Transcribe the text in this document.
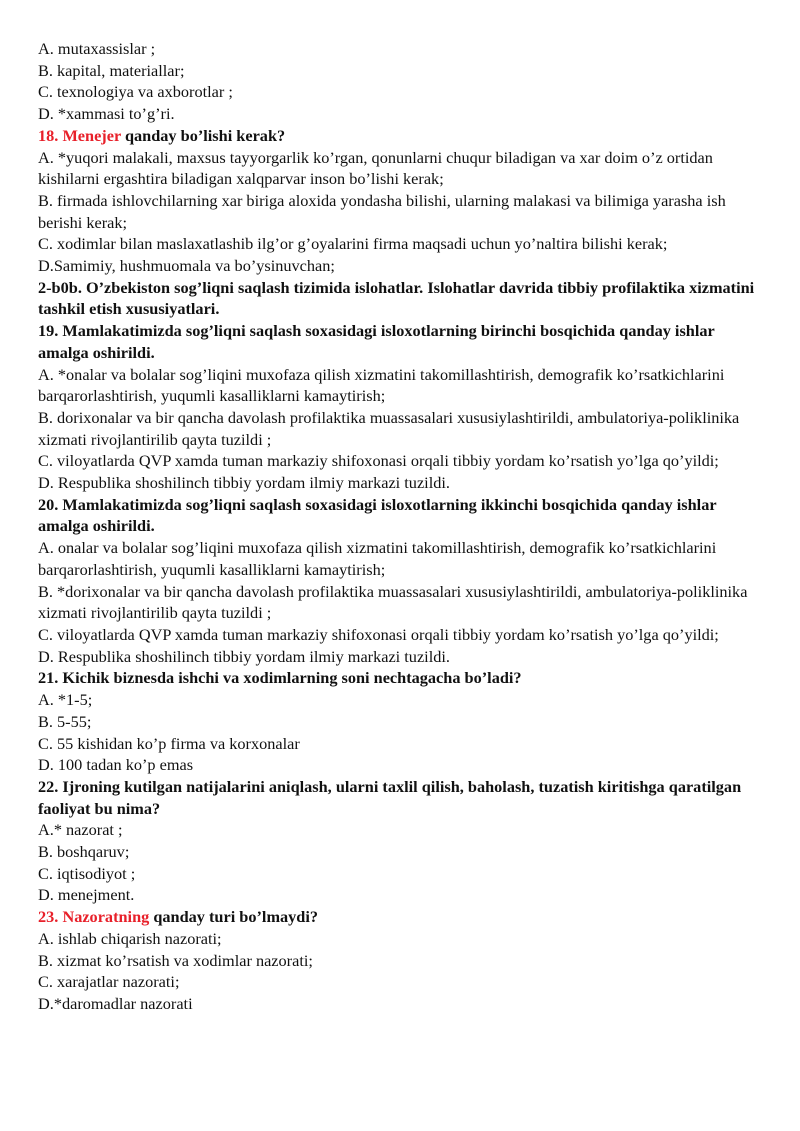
A. mutaxassislar ;
B. kapital, materiallar;
C. texnologiya va axborotlar ;
D. *xammasi to’g’ri.
18. Menejer qanday bo’lishi kerak?
A. *yuqori malakali, maxsus tayyorgarlik ko’rgan, qonunlarni chuqur biladigan va xar doim o’z ortidan kishilarni ergashtira biladigan xalqparvar inson bo’lishi kerak;
B. firmada ishlovchilarning xar biriga aloxida yondasha bilishi, ularning malakasi va bilimiga yarasha ish berishi kerak;
C. xodimlar bilan maslaxatlashib ilg’or g’oyalarini firma maqsadi uchun yo’naltira bilishi kerak;
D.Samimiy, hushmuomala va bo’ysinuvchan;
2-b0b. O’zbekiston sog’liqni saqlash tizimida islohatlar. Islohatlar davrida tibbiy profilaktika xizmatini tashkil etish xususiyatlari.
19. Mamlakatimizda sog’liqni saqlash soxasidagi isloxotlarning birinchi bosqichida qanday ishlar amalga oshirildi.
A. *onalar va bolalar sog’liqini muxofaza qilish xizmatini takomillashtirish, demografik ko’rsatkichlarini barqarorlashtirish, yuqumli kasalliklarni kamaytirish;
B. dorixonalar va bir qancha davolash profilaktika muassasalari xususiylashtirildi, ambulatoriya-poliklinika xizmati rivojlantirilib qayta tuzildi ;
C. viloyatlarda QVP xamda tuman markaziy shifoxonasi orqali tibbiy yordam ko’rsatish yo’lga qo’yildi;
D. Respublika shoshilinch tibbiy yordam ilmiy markazi tuzildi.
20. Mamlakatimizda sog’liqni saqlash soxasidagi isloxotlarning ikkinchi bosqichida qanday ishlar amalga oshirildi.
A. onalar va bolalar sog’liqini muxofaza qilish xizmatini takomillashtirish, demografik ko’rsatkichlarini barqarorlashtirish, yuqumli kasalliklarni kamaytirish;
B. *dorixonalar va bir qancha davolash profilaktika muassasalari xususiylashtirildi, ambulatoriya-poliklinika xizmati rivojlantirilib qayta tuzildi ;
C. viloyatlarda QVP xamda tuman markaziy shifoxonasi orqali tibbiy yordam ko’rsatish yo’lga qo’yildi;
D. Respublika shoshilinch tibbiy yordam ilmiy markazi tuzildi.
21. Kichik biznesda ishchi va xodimlarning soni nechtagacha bo’ladi?
A. *1-5;
B. 5-55;
C. 55 kishidan ko’p firma va korxonalar
D. 100 tadan ko’p emas
22. Ijroning kutilgan natijalarini aniqlash, ularni taxlil qilish, baholash, tuzatish kiritishga qaratilgan faoliyat bu nima?
A.* nazorat ;
B. boshqaruv;
C. iqtisodiyot ;
D. menejment.
23. Nazoratning qanday turi bo’lmaydi?
A. ishlab chiqarish nazorati;
B. xizmat ko’rsatish va xodimlar nazorati;
C. xarajatlar nazorati;
D.*daromadlar nazorati
